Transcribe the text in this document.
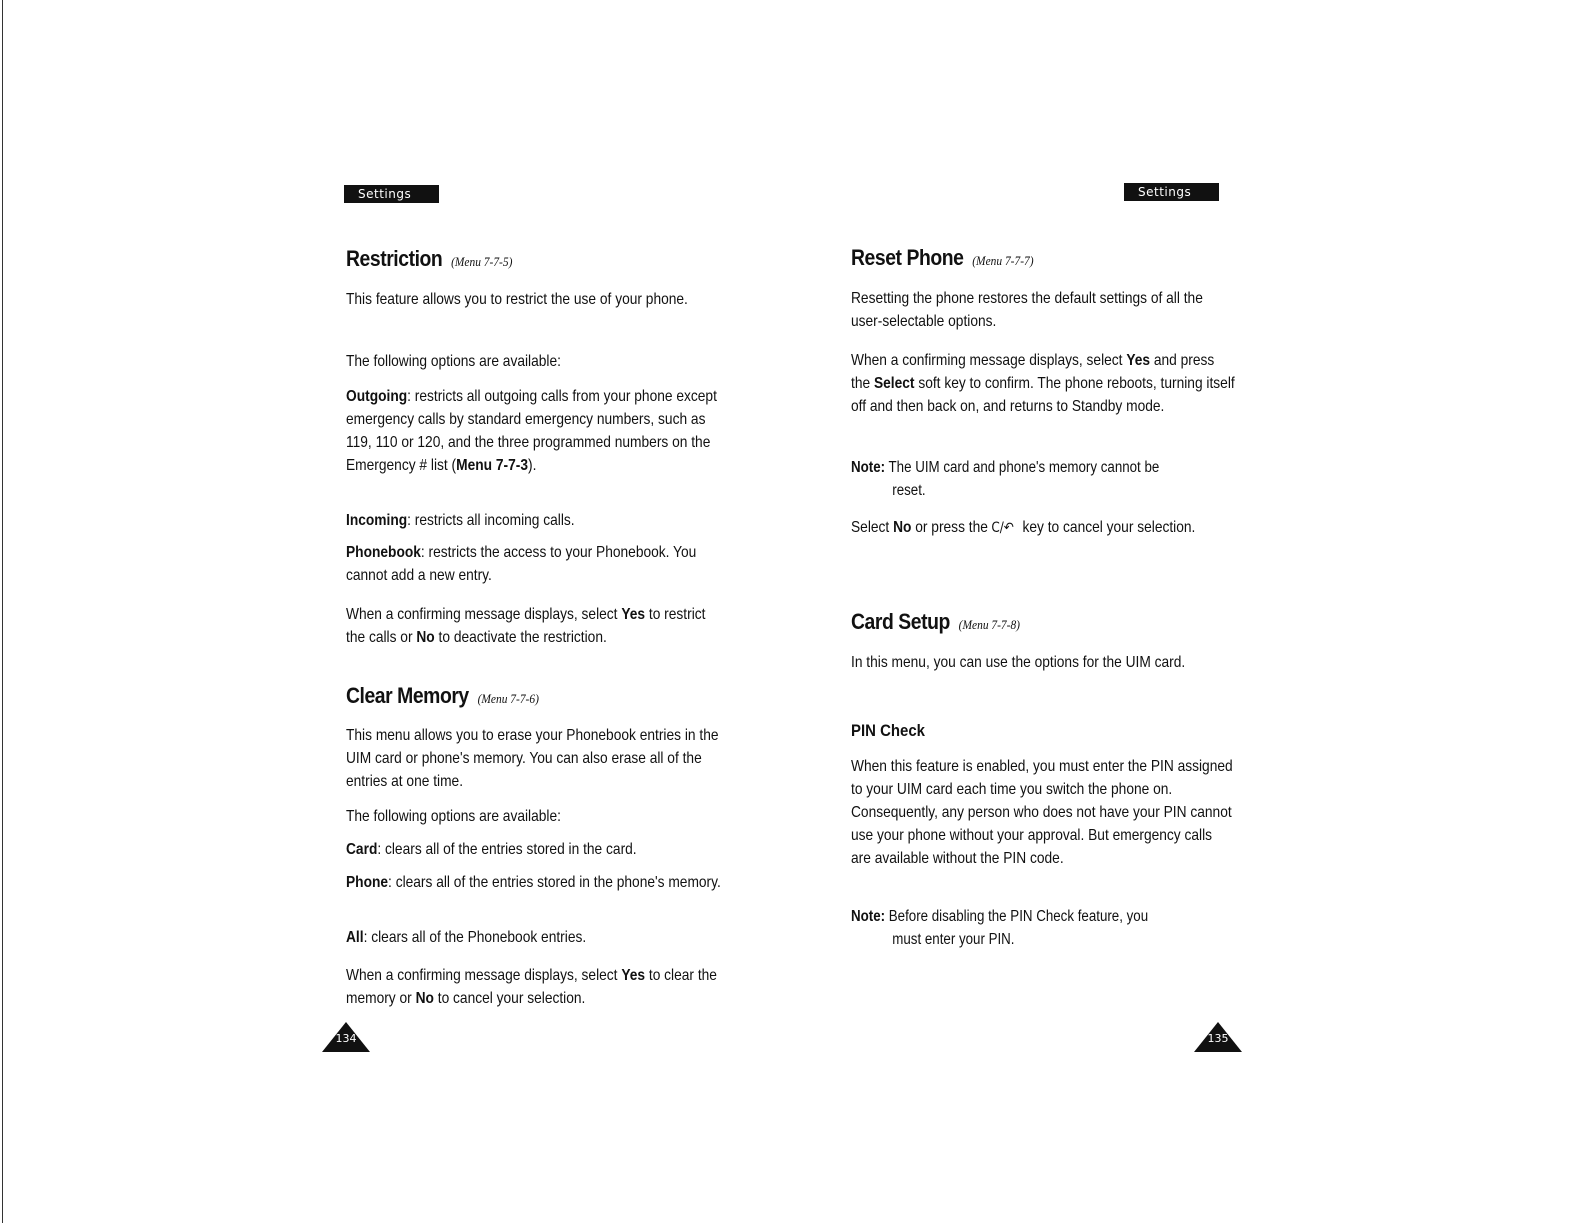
Settings
Restriction (Menu 7-7-5)

This feature allows you to restrict the use of your phone.

The following options are available:

Outgoing: restricts all outgoing calls from your phone except emergency calls by standard emergency numbers, such as 119, 110 or 120, and the three programmed numbers on the Emergency # list (Menu 7-7-3).

Incoming: restricts all incoming calls.

Phonebook: restricts the access to your Phonebook. You cannot add a new entry.

When a confirming message displays, select Yes to restrict the calls or No to deactivate the restriction.

Clear Memory (Menu 7-7-6)

This menu allows you to erase your Phonebook entries in the UIM card or phone's memory. You can also erase all of the entries at one time.

The following options are available:

Card: clears all of the entries stored in the card.

Phone: clears all of the entries stored in the phone's memory.

All: clears all of the Phonebook entries.

When a confirming message displays, select Yes to clear the memory or No to cancel your selection.

134
Settings
Reset Phone (Menu 7-7-7)

Resetting the phone restores the default settings of all the user-selectable options.

When a confirming message displays, select Yes and press the Select soft key to confirm. The phone reboots, turning itself off and then back on, and returns to Standby mode.

Note: The UIM card and phone's memory cannot be
reset.

Select No or press the C/↶ key to cancel your selection.

Card Setup (Menu 7-7-8)

In this menu, you can use the options for the UIM card.

PIN Check

When this feature is enabled, you must enter the PIN assigned to your UIM card each time you switch the phone on. Consequently, any person who does not have your PIN cannot use your phone without your approval. But emergency calls are available without the PIN code.

Note: Before disabling the PIN Check feature, you
must enter your PIN.

135
